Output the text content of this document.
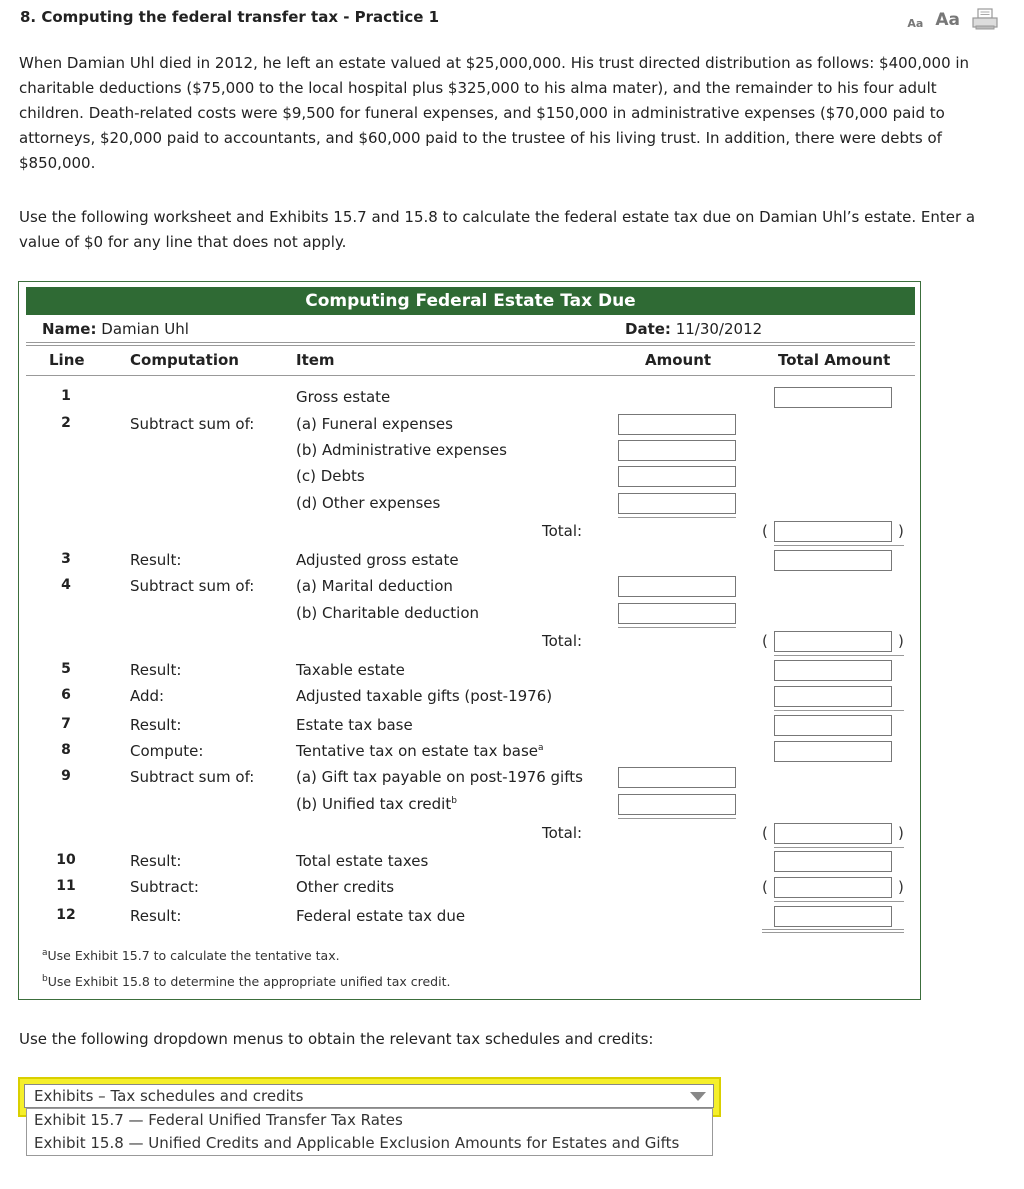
8. Computing the federal transfer tax - Practice 1	Aa Aa
When Damian Uhl died in 2012, he left an estate valued at $25,000,000. His trust directed distribution as follows: $400,000 in
charitable deductions ($75,000 to the local hospital plus $325,000 to his alma mater), and the remainder to his four adult
children. Death-related costs were $9,500 for funeral expenses, and $150,000 in administrative expenses ($70,000 paid to
attorneys, $20,000 paid to accountants, and $60,000 paid to the trustee of his living trust. In addition, there were debts of
$850,000.
Use the following worksheet and Exhibits 15.7 and 15.8 to calculate the federal estate tax due on Damian Uhl’s estate. Enter a
value of $0 for any line that does not apply.
Computing Federal Estate Tax Due
Name: Damian Uhl	Date: 11/30/2012
Line	Computation	Item	Amount	Total Amount
1	Gross estate
2	Subtract sum of:	(a) Funeral expenses
(b) Administrative expenses
(c) Debts
(d) Other expenses
Total:	(	)
3	Result:	Adjusted gross estate
4	Subtract sum of:	(a) Marital deduction
(b) Charitable deduction
Total:	(	)
5	Result:	Taxable estate
6	Add:	Adjusted taxable gifts (post-1976)
7	Result:	Estate tax base
8	Compute:	Tentative tax on estate tax base$^a$
9	Subtract sum of:	(a) Gift tax payable on post-1976 gifts
(b) Unified tax credit$^b$
Total:	(	)
10	Result:	Total estate taxes
11	Subtract:	Other credits	(	)
12	Result:	Federal estate tax due
$^a$Use Exhibit 15.7 to calculate the tentative tax.
$^b$Use Exhibit 15.8 to determine the appropriate unified tax credit.
Use the following dropdown menus to obtain the relevant tax schedules and credits:
Exhibits – Tax schedules and credits
Exhibit 15.7 — Federal Unified Transfer Tax Rates
Exhibit 15.8 — Unified Credits and Applicable Exclusion Amounts for Estates and Gifts
